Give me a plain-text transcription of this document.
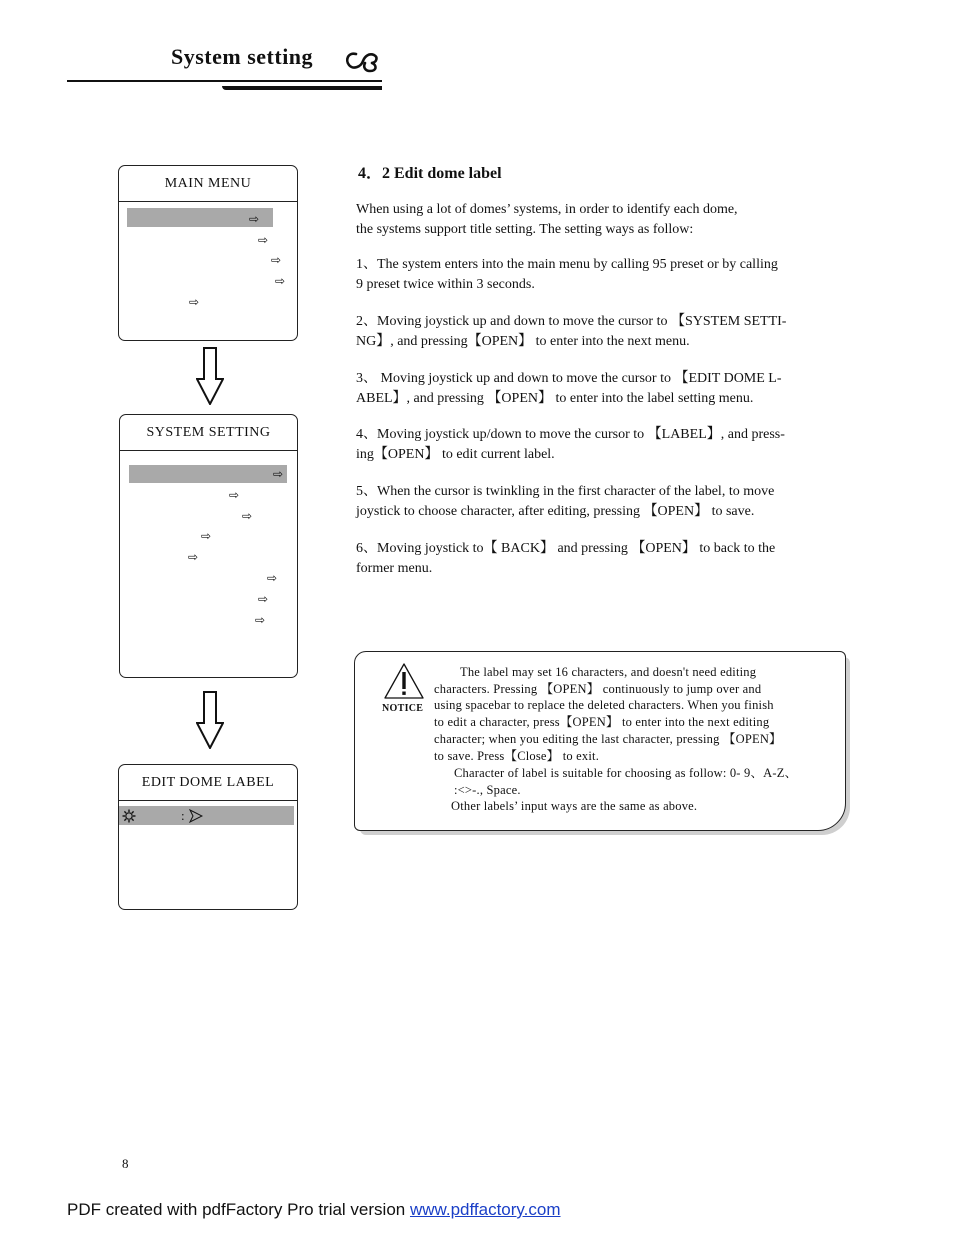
System setting
MAIN MENU
⇨
⇨
⇨
⇨
⇨
SYSTEM SETTING
⇨
⇨
⇨
⇨
⇨
⇨
⇨
⇨
EDIT DOME LABEL
:
4．2 Edit dome label
When using a lot of domes’ systems, in order to identify each dome,
the systems support title setting. The setting ways as follow:
1、The system enters into the main menu by calling 95 preset or by calling
9 preset twice within 3 seconds.
2、Moving joystick up and down to move the cursor to 【SYSTEM SETTI-
NG】, and pressing【OPEN】 to enter into the next menu.
3、 Moving joystick up and down to move the cursor to 【EDIT DOME L-
ABEL】, and pressing 【OPEN】 to enter into the label setting menu.
4、Moving joystick up/down to move the cursor to 【LABEL】, and press-
ing【OPEN】 to edit current label.
5、When the cursor is twinkling in the first character of the label, to move
joystick to choose character, after editing, pressing 【OPEN】 to save.
6、Moving joystick to【 BACK】 and pressing 【OPEN】 to back to the
former menu.
NOTICE
The label may set 16 characters, and doesn't need editing
characters. Pressing 【OPEN】 continuously to jump over and
using spacebar to replace the deleted characters. When you finish
to edit a character, press【OPEN】 to enter into the next editing
character; when you editing the last character, pressing 【OPEN】
to save. Press【Close】 to exit.
Character of label is suitable for choosing as follow: 0- 9、A-Z、
:<>-., Space.
Other labels’ input ways are the same as above.
8
PDF created with pdfFactory Pro trial version www.pdffactory.com
